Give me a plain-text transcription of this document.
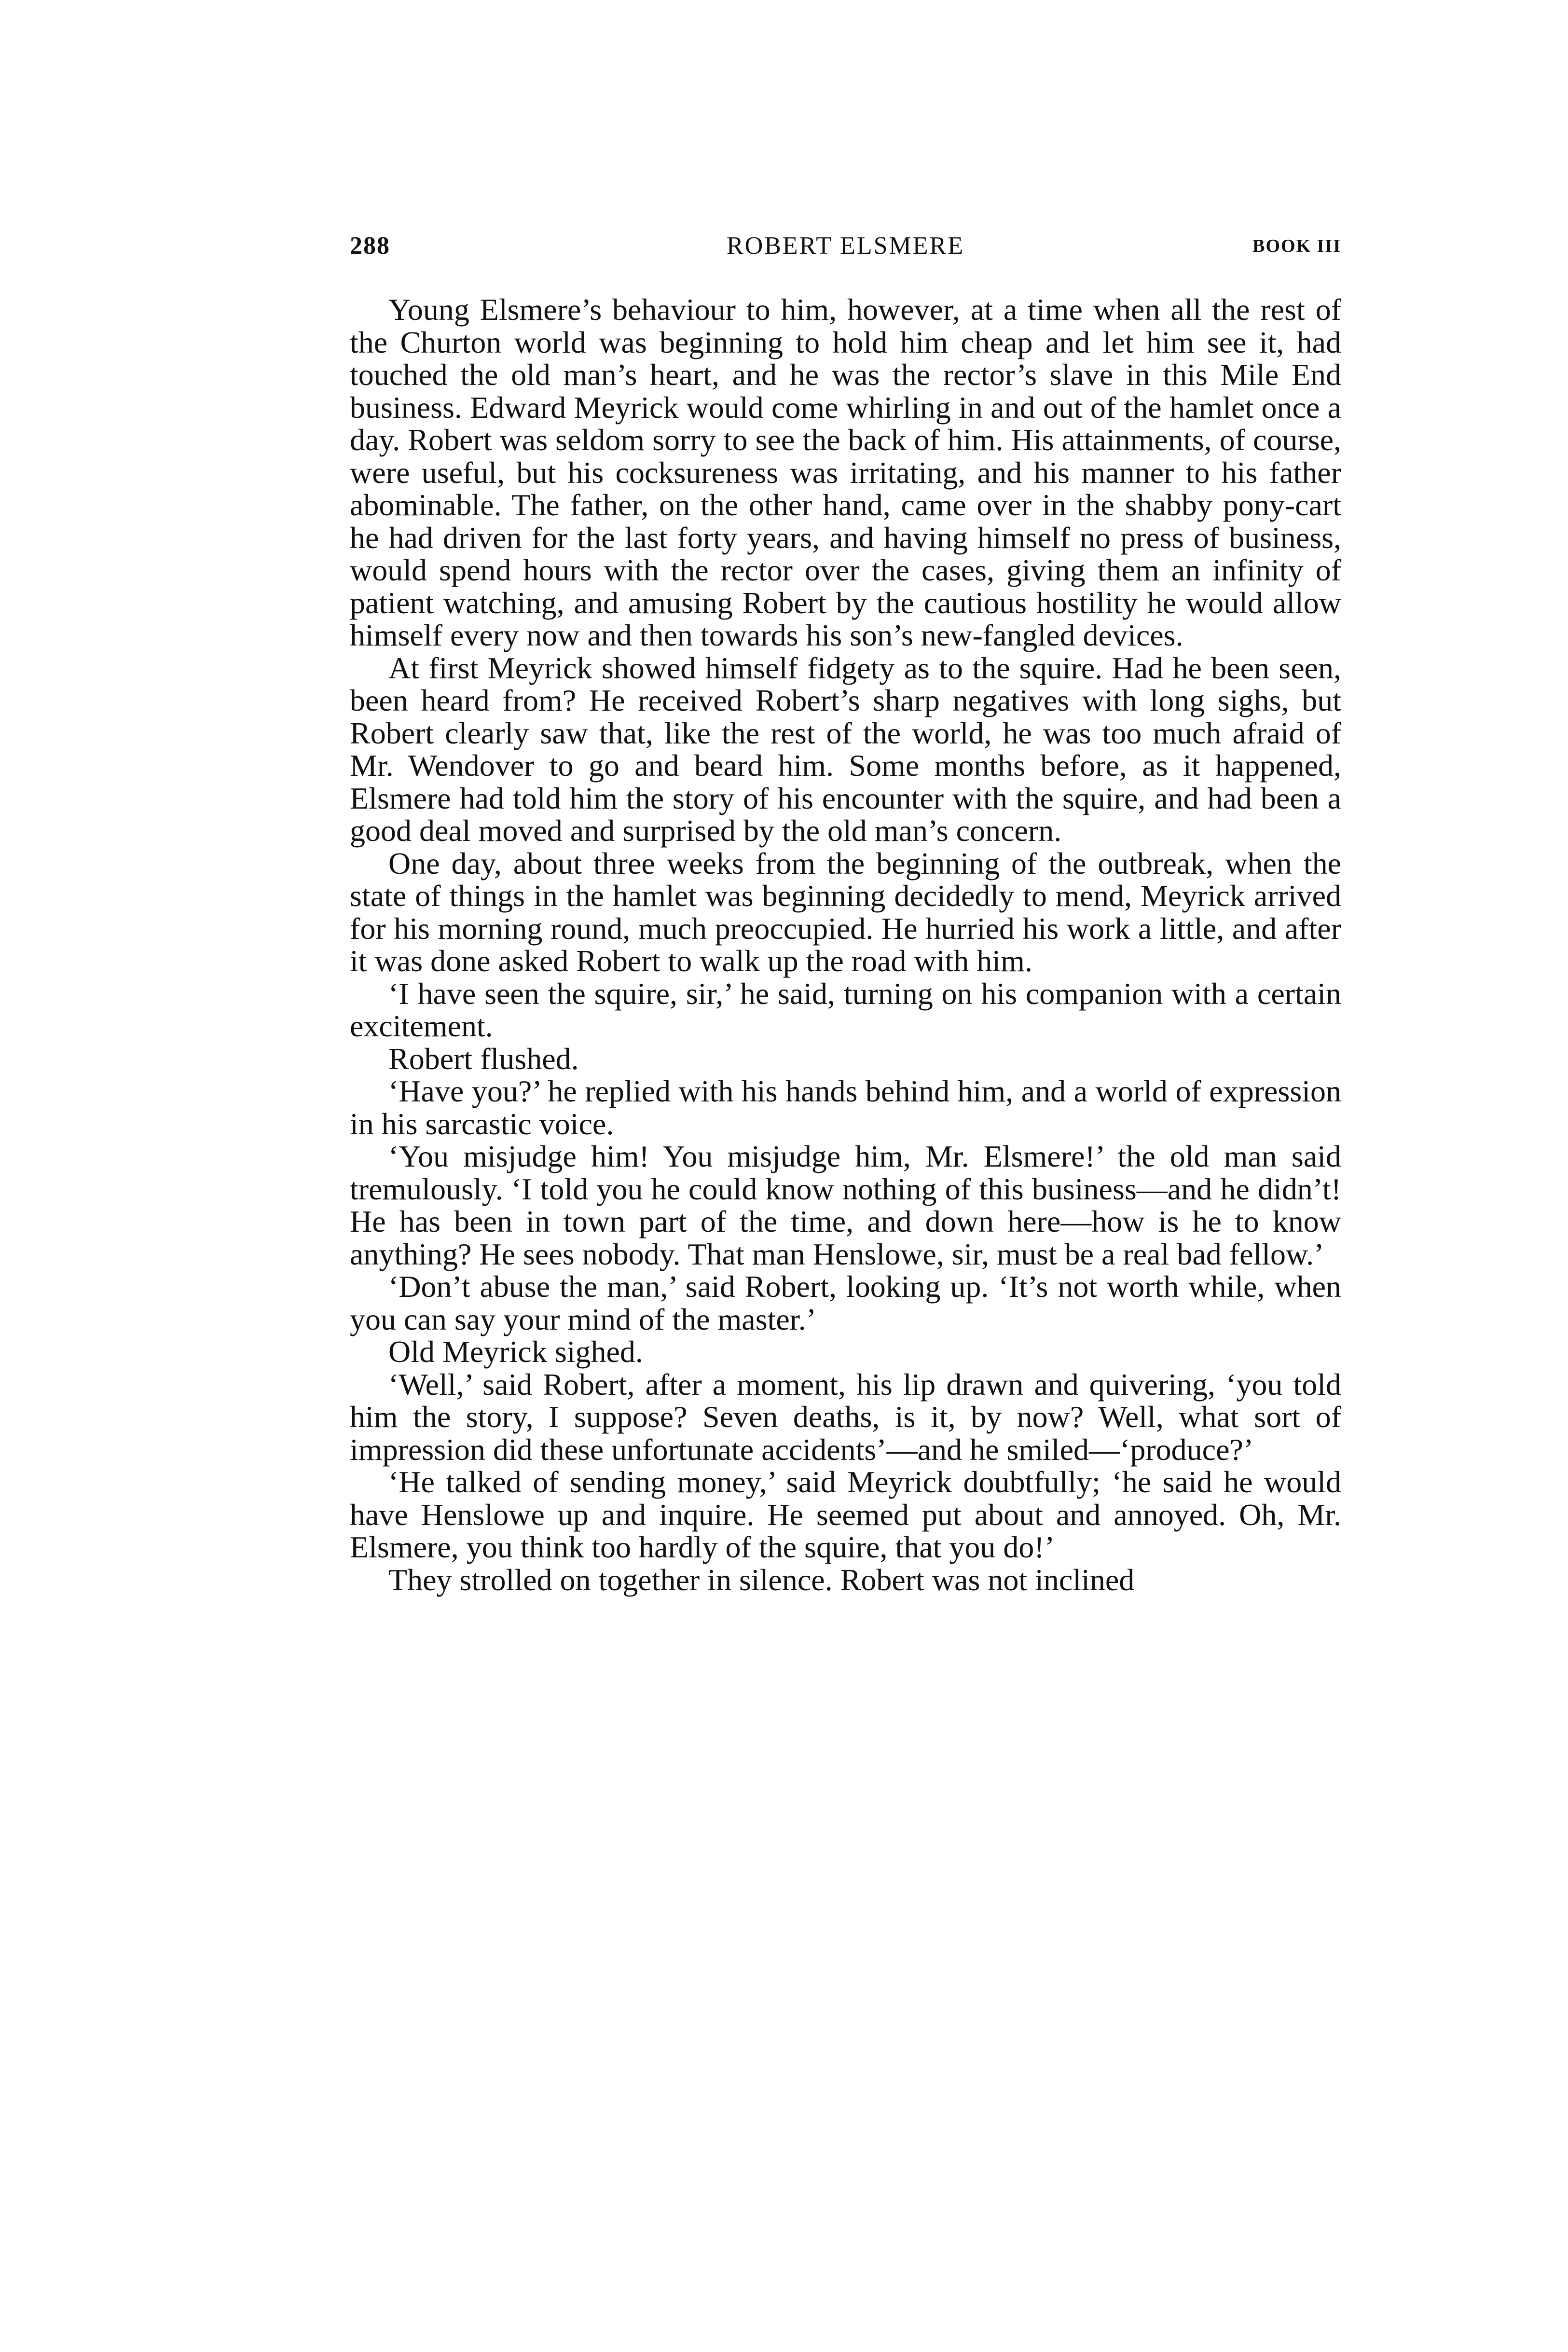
288	ROBERT ELSMERE	BOOK III

Young Elsmere’s behaviour to him, however, at a time when all the rest of the Churton world was beginning to hold him cheap and let him see it, had touched the old man’s heart, and he was the rector’s slave in this Mile End business. Edward Meyrick would come whirling in and out of the hamlet once a day. Robert was seldom sorry to see the back of him. His attainments, of course, were useful, but his cocksureness was irritating, and his manner to his father abominable. The father, on the other hand, came over in the shabby pony-cart he had driven for the last forty years, and having himself no press of business, would spend hours with the rector over the cases, giving them an infinity of patient watching, and amusing Robert by the cautious hostility he would allow himself every now and then towards his son’s new-fangled devices.

At first Meyrick showed himself fidgety as to the squire. Had he been seen, been heard from? He received Robert’s sharp negatives with long sighs, but Robert clearly saw that, like the rest of the world, he was too much afraid of Mr. Wendover to go and beard him. Some months before, as it happened, Elsmere had told him the story of his encounter with the squire, and had been a good deal moved and surprised by the old man’s concern.

One day, about three weeks from the beginning of the outbreak, when the state of things in the hamlet was beginning decidedly to mend, Meyrick arrived for his morning round, much preoccupied. He hurried his work a little, and after it was done asked Robert to walk up the road with him.

‘I have seen the squire, sir,’ he said, turning on his companion with a certain excitement.

Robert flushed.

‘Have you?’ he replied with his hands behind him, and a world of expression in his sarcastic voice.

‘You misjudge him! You misjudge him, Mr. Elsmere!’ the old man said tremulously. ‘I told you he could know nothing of this business—and he didn’t! He has been in town part of the time, and down here—how is he to know anything? He sees nobody. That man Henslowe, sir, must be a real bad fellow.’

‘Don’t abuse the man,’ said Robert, looking up. ‘It’s not worth while, when you can say your mind of the master.’

Old Meyrick sighed.

‘Well,’ said Robert, after a moment, his lip drawn and quivering, ‘you told him the story, I suppose? Seven deaths, is it, by now? Well, what sort of impression did these unfortunate accidents’—and he smiled—‘produce?’

‘He talked of sending money,’ said Meyrick doubtfully; ‘he said he would have Henslowe up and inquire. He seemed put about and annoyed. Oh, Mr. Elsmere, you think too hardly of the squire, that you do!’

They strolled on together in silence. Robert was not inclined
